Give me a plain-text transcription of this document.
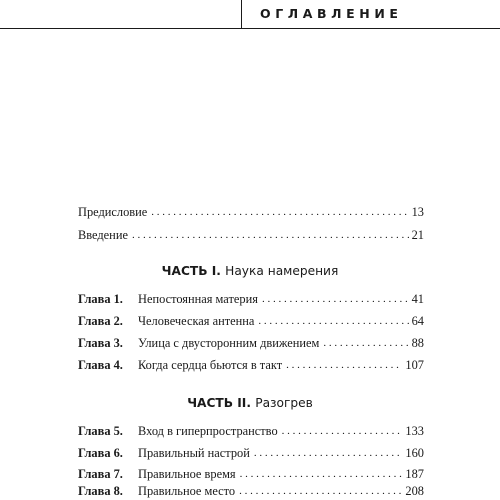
ОГЛАВЛЕНИЕ
Предисловие . . .	13
Введение . . .	21
ЧАСТЬ I. Наука намерения
Глава 1.	Непостоянная материя . . .	41
Глава 2.	Человеческая антенна . . .	64
Глава 3.	Улица с двусторонним движением . . .	88
Глава 4.	Когда сердца бьются в такт . . .	107
ЧАСТЬ II. Разогрев
Глава 5.	Вход в гиперпространство . . .	133
Глава 6.	Правильный настрой . . .	160
Глава 7.	Правильное время . . .	187
Глава 8.	Правильное место . . .	208
